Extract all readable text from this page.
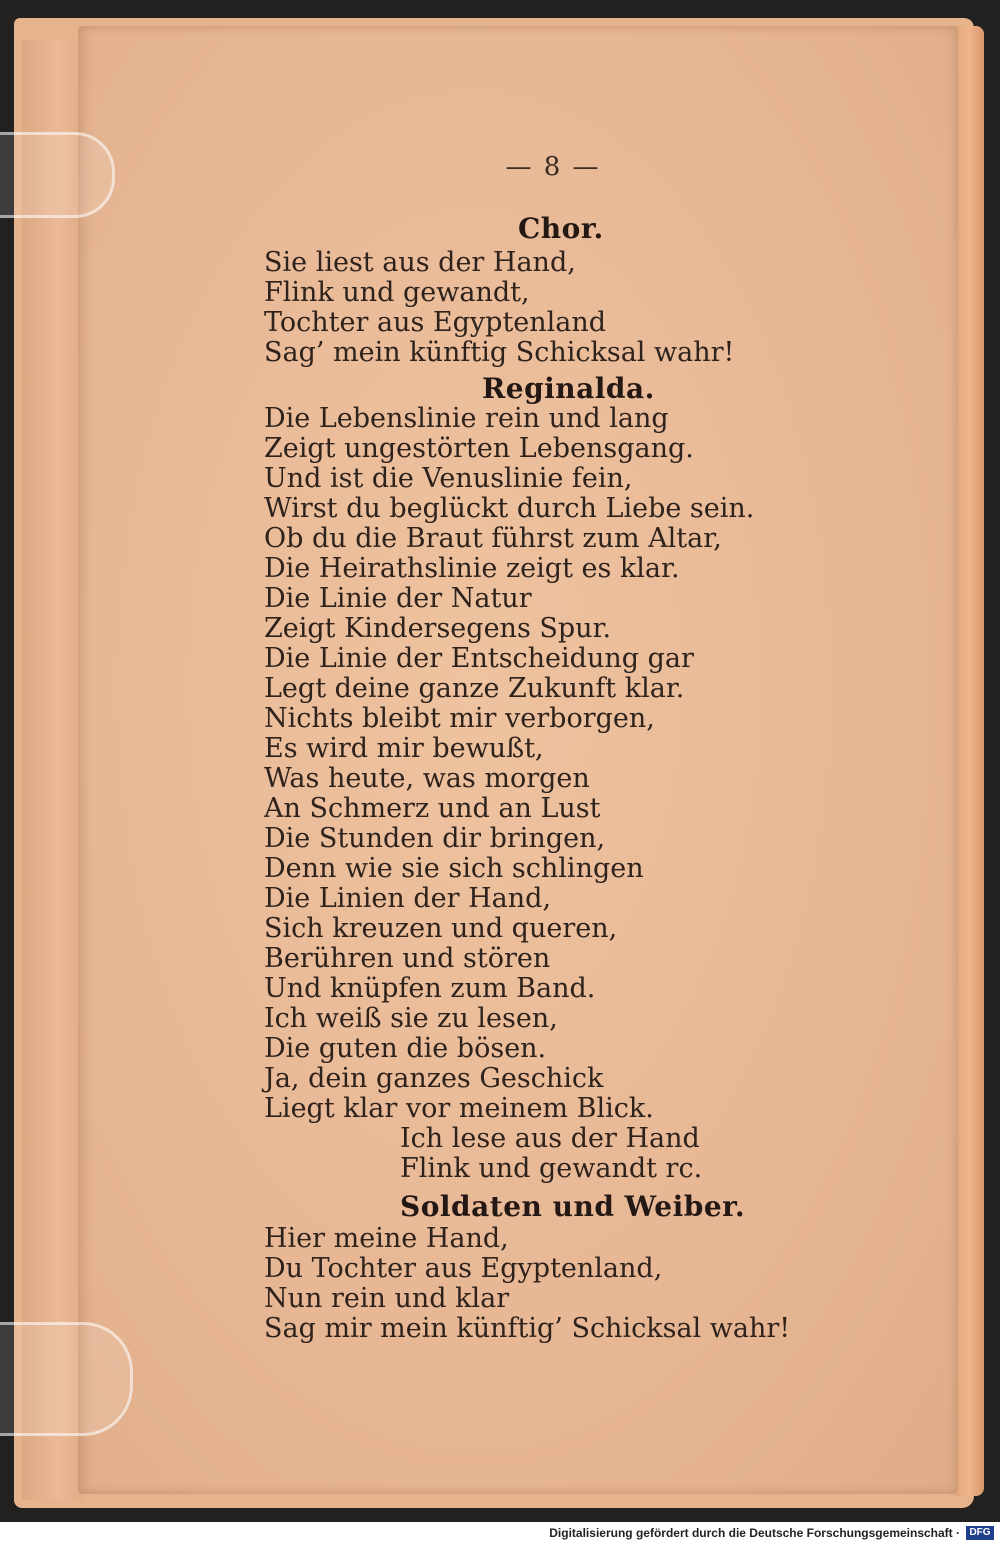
— 8 —
Chor.
Sie liest aus der Hand,
Flink und gewandt,
Tochter aus Egyptenland
Sag’ mein künftig Schicksal wahr!
Reginalda.
Die Lebenslinie rein und lang
Zeigt ungestörten Lebensgang.
Und ist die Venuslinie fein,
Wirst du beglückt durch Liebe sein.
Ob du die Braut führst zum Altar,
Die Heirathslinie zeigt es klar.
Die Linie der Natur
Zeigt Kindersegens Spur.
Die Linie der Entscheidung gar
Legt deine ganze Zukunft klar.
Nichts bleibt mir verborgen,
Es wird mir bewußt,
Was heute, was morgen
An Schmerz und an Lust
Die Stunden dir bringen,
Denn wie sie sich schlingen
Die Linien der Hand,
Sich kreuzen und queren,
Berühren und stören
Und knüpfen zum Band.
Ich weiß sie zu lesen,
Die guten die bösen.
Ja, dein ganzes Geschick
Liegt klar vor meinem Blick.
Ich lese aus der Hand
Flink und gewandt rc.
Soldaten und Weiber.
Hier meine Hand,
Du Tochter aus Egyptenland,
Nun rein und klar
Sag mir mein künftig’ Schicksal wahr!
Digitalisierung gefördert durch die Deutsche Forschungsgemeinschaft · DFG
